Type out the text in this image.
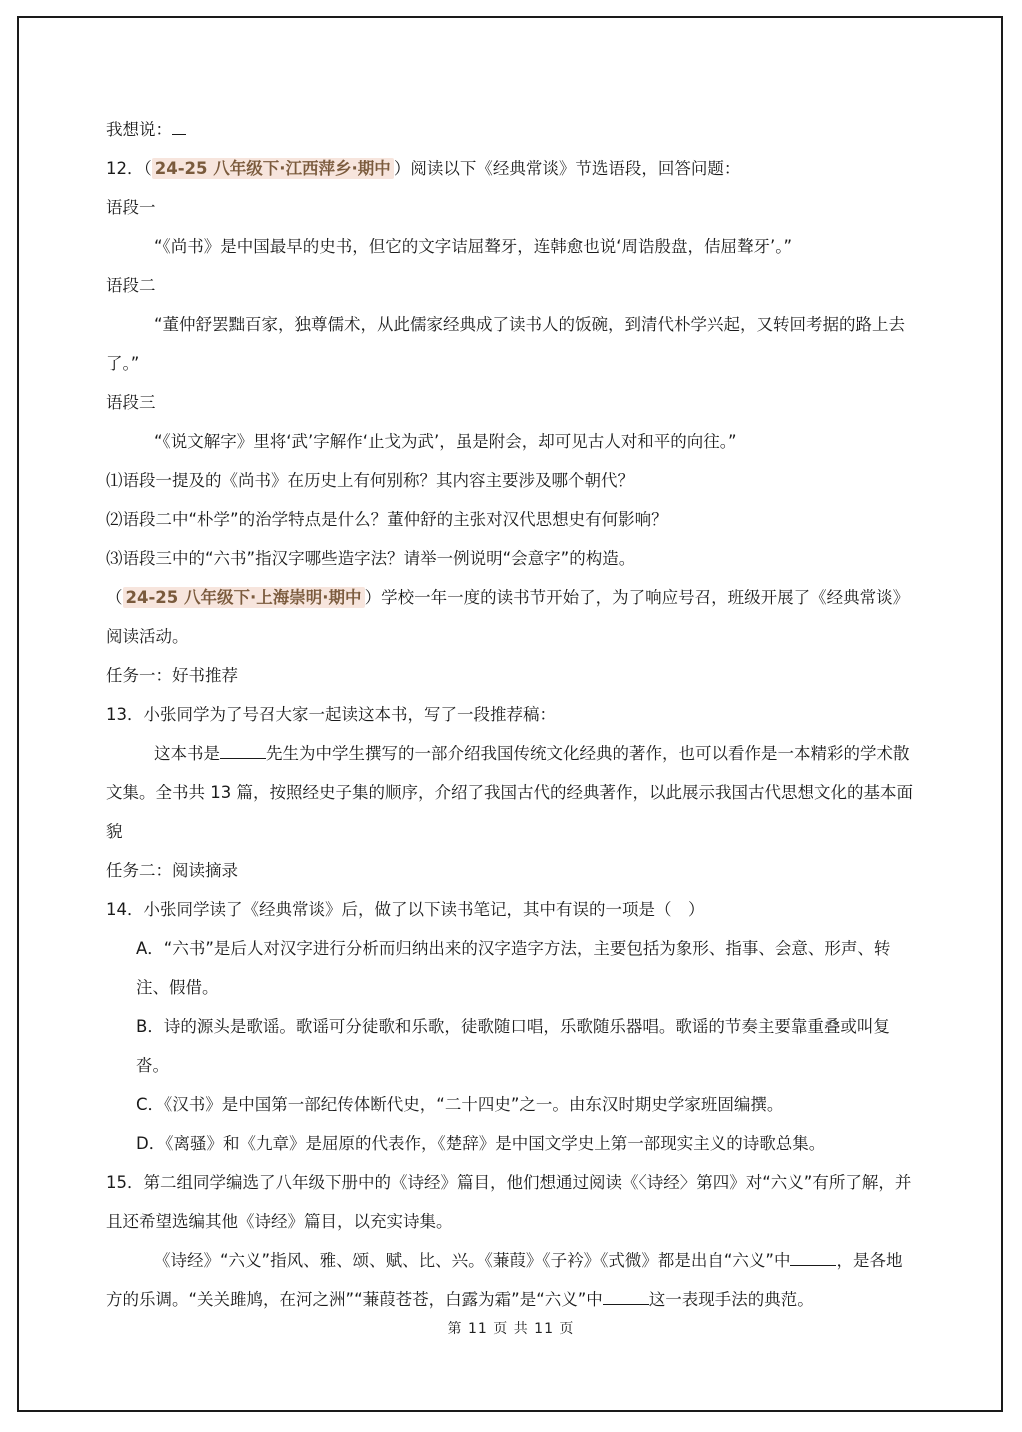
我想说：
12．（ 24-25 八年级下·江西萍乡·期中 ）阅读以下《经典常谈》节选语段，回答问题：
语段一
“《尚书》是中国最早的史书，但它的文字诘屈聱牙，连韩愈也说‘周诰殷盘，佶屈聱牙’。”
语段二
“董仲舒罢黜百家，独尊儒术，从此儒家经典成了读书人的饭碗，到清代朴学兴起，又转回考据的路上去了。”
语段三
“《说文解字》里将‘武’字解作‘止戈为武’，虽是附会，却可见古人对和平的向往。”
⑴语段一提及的《尚书》在历史上有何别称？其内容主要涉及哪个朝代？
⑵语段二中“朴学”的治学特点是什么？董仲舒的主张对汉代思想史有何影响？
⑶语段三中的“六书”指汉字哪些造字法？请举一例说明“会意字”的构造。
（ 24-25 八年级下·上海崇明·期中 ）学校一年一度的读书节开始了，为了响应号召，班级开展了《经典常谈》阅读活动。
任务一：好书推荐
13．小张同学为了号召大家一起读这本书，写了一段推荐稿：
这本书是	先生为中学生撰写的一部介绍我国传统文化经典的著作，也可以看作是一本精彩的学术散文集。全书共 13 篇，按照经史子集的顺序，介绍了我国古代的经典著作，以此展示我国古代思想文化的基本面貌
任务二：阅读摘录
14．小张同学读了《经典常谈》后，做了以下读书笔记，其中有误的一项是（　）
A．“六书”是后人对汉字进行分析而归纳出来的汉字造字方法，主要包括为象形、指事、会意、形声、转注、假借。
B．诗的源头是歌谣。歌谣可分徒歌和乐歌，徒歌随口唱，乐歌随乐器唱。歌谣的节奏主要靠重叠或叫复沓。
C．《汉书》是中国第一部纪传体断代史，“二十四史”之一。由东汉时期史学家班固编撰。
D．《离骚》和《九章》是屈原的代表作，《楚辞》是中国文学史上第一部现实主义的诗歌总集。
15．第二组同学编选了八年级下册中的《诗经》篇目，他们想通过阅读《〈诗经〉第四》对“六义”有所了解，并且还希望选编其他《诗经》篇目，以充实诗集。
《诗经》“六义”指风、雅、颂、赋、比、兴。《蒹葭》《子衿》《式微》都是出自“六义”中	，是各地方的乐调。“关关雎鸠，在河之洲”“蒹葭苍苍，白露为霜”是“六义”中	这一表现手法的典范。
第 11 页 共 11 页
